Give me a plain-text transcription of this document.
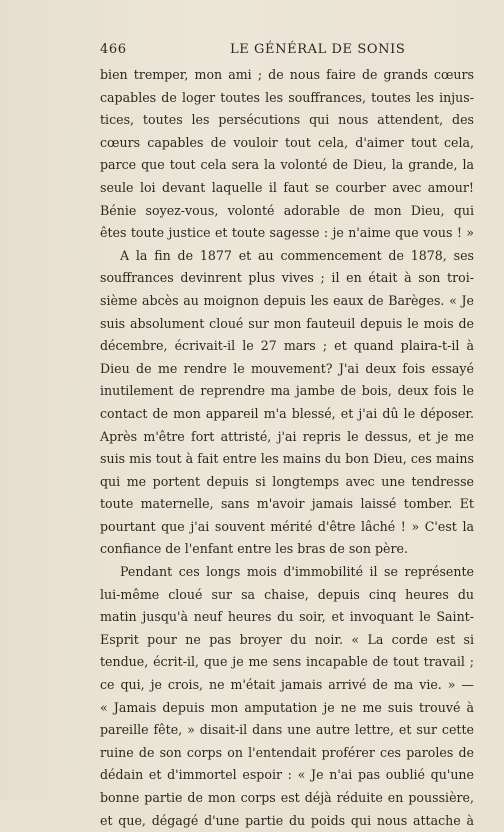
466	LE GÉNÉRAL DE SONIS
bien tremper, mon ami ; de nous faire de grands cœurs
capables de loger toutes les souffrances, toutes les injus-
tices, toutes les persécutions qui nous attendent, des
cœurs capables de vouloir tout cela, d'aimer tout cela,
parce que tout cela sera la volonté de Dieu, la grande, la
seule loi devant laquelle il faut se courber avec amour!
Bénie soyez-vous, volonté adorable de mon Dieu, qui
êtes toute justice et toute sagesse : je n'aime que vous ! »
A la fin de 1877 et au commencement de 1878, ses
souffrances devinrent plus vives ; il en était à son troi-
sième abcès au moignon depuis les eaux de Barèges. « Je
suis absolument cloué sur mon fauteuil depuis le mois de
décembre, écrivait-il le 27 mars ; et quand plaira-t-il à
Dieu de me rendre le mouvement? J'ai deux fois essayé
inutilement de reprendre ma jambe de bois, deux fois le
contact de mon appareil m'a blessé, et j'ai dû le déposer.
Après m'être fort attristé, j'ai repris le dessus, et je me
suis mis tout à fait entre les mains du bon Dieu, ces mains
qui me portent depuis si longtemps avec une tendresse
toute maternelle, sans m'avoir jamais laissé tomber. Et
pourtant que j'ai souvent mérité d'être lâché ! » C'est la
confiance de l'enfant entre les bras de son père.
Pendant ces longs mois d'immobilité il se représente
lui-même cloué sur sa chaise, depuis cinq heures du
matin jusqu'à neuf heures du soir, et invoquant le Saint-
Esprit pour ne pas broyer du noir. « La corde est si
tendue, écrit-il, que je me sens incapable de tout travail ;
ce qui, je crois, ne m'était jamais arrivé de ma vie. » —
« Jamais depuis mon amputation je ne me suis trouvé à
pareille fête, » disait-il dans une autre lettre, et sur cette
ruine de son corps on l'entendait proférer ces paroles de
dédain et d'immortel espoir : « Je n'ai pas oublié qu'une
bonne partie de mon corps est déjà réduite en poussière,
et que, dégagé d'une partie du poids qui nous attache à
